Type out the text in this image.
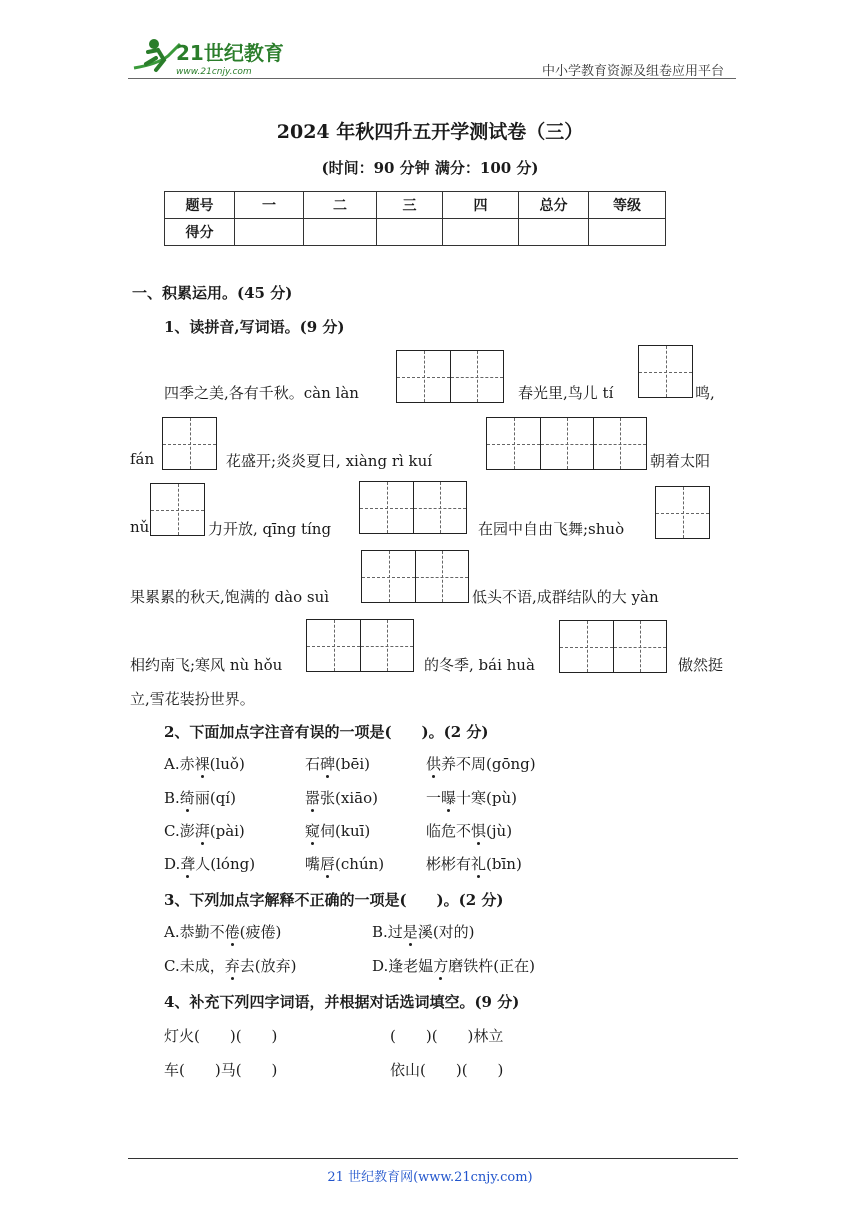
21世纪教育
www.21cnjy.com	中小学教育资源及组卷应用平台
2024 年秋四升五开学测试卷（三）
(时间：90 分钟 满分：100 分)
题号	一	二	三	四	总分	等级
得分						
一、积累运用。(45 分)
1、读拼音,写词语。(9 分)
四季之美,各有千秋。càn làn	春光里,鸟儿 tí	鸣,
fán	花盛开;炎炎夏日, xiàng rì kuí	朝着太阳
nǔ	力开放, qīng tíng	在园中自由飞舞;shuò
果累累的秋天,饱满的 dào suì	低头不语,成群结队的大 yàn
相约南飞;寒风 nù hǒu	的冬季, bái huà	傲然挺
立,雪花装扮世界。
2、下面加点字注音有误的一项是(　　)。(2 分)
A.赤裸(luǒ)	石碑(bēi)	供养不周(gōng)
B.绮丽(qí)	嚣张(xiāo)	一曝十寒(pù)
C.澎湃(pài)	窥伺(kuī)	临危不惧(jù)
D.聋人(lóng)	嘴唇(chún)	彬彬有礼(bīn)
3、下列加点字解释不正确的一项是(　　)。(2 分)
A.恭勤不倦(疲倦)	B.过是溪(对的)
C.未成，弃去(放弃)	D.逢老媪方磨铁杵(正在)
4、补充下列四字词语，并根据对话选词填空。(9 分)
灯火(　　)(　　)	(　　)(　　)林立
车(　　)马(　　)	依山(　　)(　　)
21 世纪教育网(www.21cnjy.com)
